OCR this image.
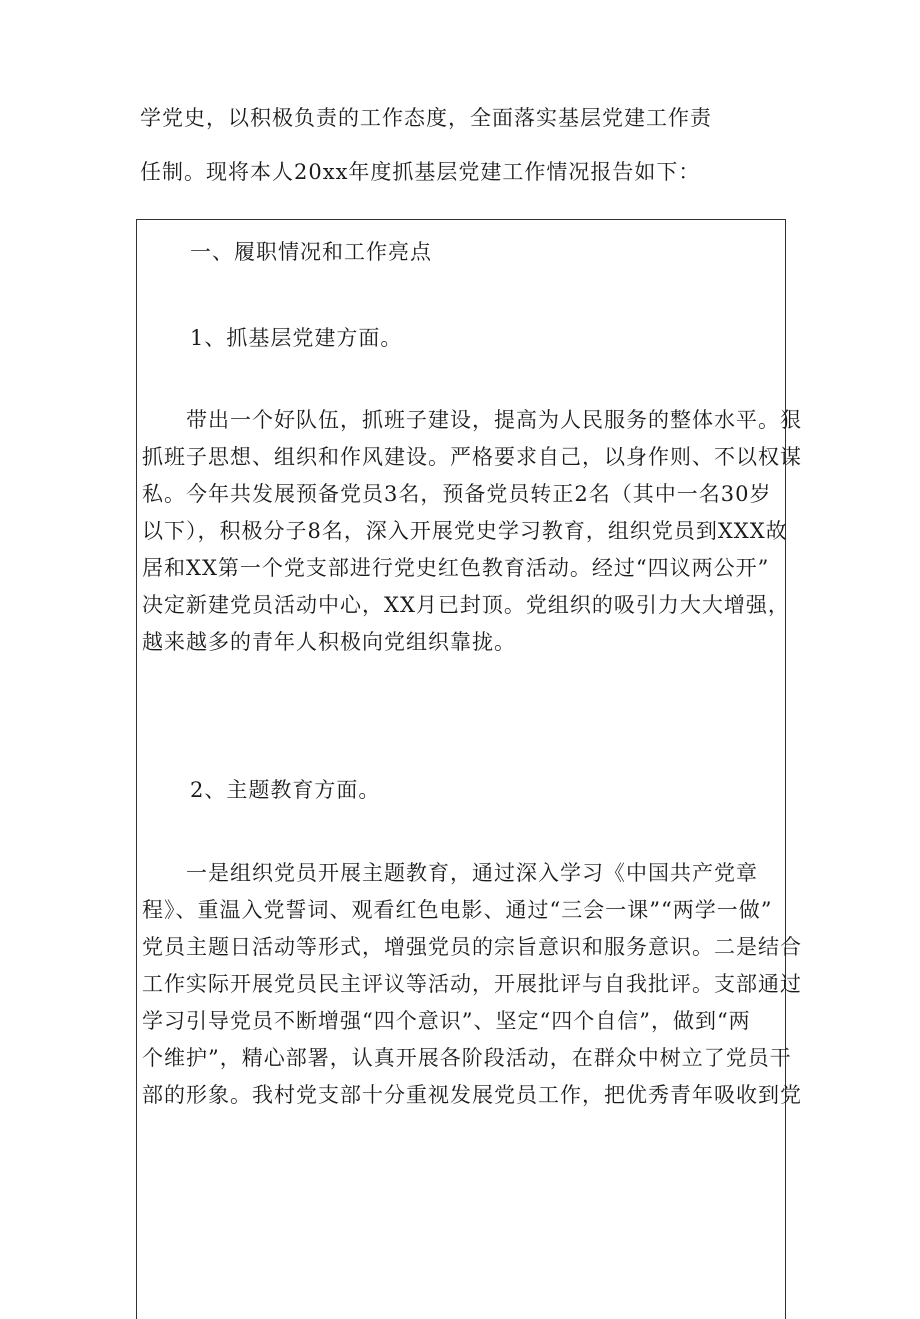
学党史，以积极负责的工作态度，全面落实基层党建工作责
任制。现将本人20xx年度抓基层党建工作情况报告如下：
一、履职情况和工作亮点
1、抓基层党建方面。
　　带出一个好队伍，抓班子建设，提高为人民服务的整体水平。狠
抓班子思想、组织和作风建设。严格要求自己，以身作则、不以权谋
私。今年共发展预备党员3名，预备党员转正2名（其中一名30岁
以下），积极分子8名，深入开展党史学习教育，组织党员到XXX故
居和XX第一个党支部进行党史红色教育活动。经过“四议两公开”
决定新建党员活动中心，XX月已封顶。党组织的吸引力大大增强，
越来越多的青年人积极向党组织靠拢。
2、主题教育方面。
　　一是组织党员开展主题教育，通过深入学习《中国共产党章
程》、重温入党誓词、观看红色电影、通过“三会一课”“两学一做”
党员主题日活动等形式，增强党员的宗旨意识和服务意识。二是结合
工作实际开展党员民主评议等活动，开展批评与自我批评。支部通过
学习引导党员不断增强“四个意识”、坚定“四个自信”，做到“两
个维护”，精心部署，认真开展各阶段活动，在群众中树立了党员干
部的形象。我村党支部十分重视发展党员工作，把优秀青年吸收到党
